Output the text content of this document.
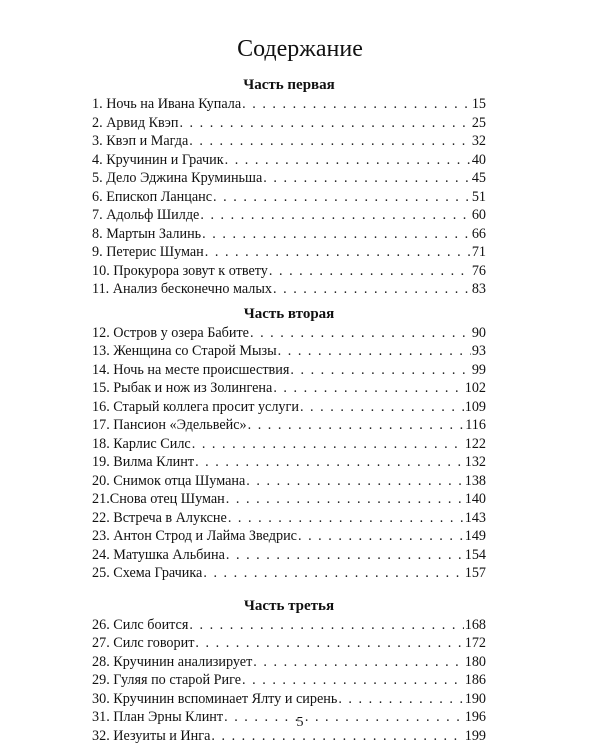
Содержание
Часть первая
1. Ночь на Ивана Купала . . .	15
2. Арвид Квэп . . .	25
3. Квэп и Магда . . .	32
4. Кручинин и Грачик . . .	40
5. Дело Эджина Круминьша . . .	45
6. Епископ Ланцанс . . .	51
7. Адольф Шилде . . .	60
8. Мартын Залинь . . .	66
9. Петерис Шуман . . .	71
10. Прокурора зовут к ответу . . .	76
11. Анализ бесконечно малых . . .	83
Часть вторая
12. Остров у озера Бабите . . .	90
13. Женщина со Старой Мызы . . .	93
14. Ночь на месте происшествия . . .	99
15. Рыбак и нож из Золингена . . .	102
16. Старый коллега просит услуги . . .	109
17. Пансион «Эдельвейс» . . .	116
18. Карлис Силс . . .	122
19. Вилма Клинт . . .	132
20. Снимок отца Шумана . . .	138
21.Снова отец Шуман . . .	140
22. Встреча в Алуксне . . .	143
23. Антон Строд и Лайма Зведрис . . .	149
24. Матушка Альбина . . .	154
25. Схема Грачика . . .	157
Часть третья
26. Силс боится . . .	168
27. Силс говорит . . .	172
28. Кручинин анализирует . . .	180
29. Гуляя по старой Риге . . .	186
30. Кручинин вспоминает Ялту и сирень . . .	190
31. План Эрны Клинт . . .	196
32. Иезуиты и Инга . . .	199
5
